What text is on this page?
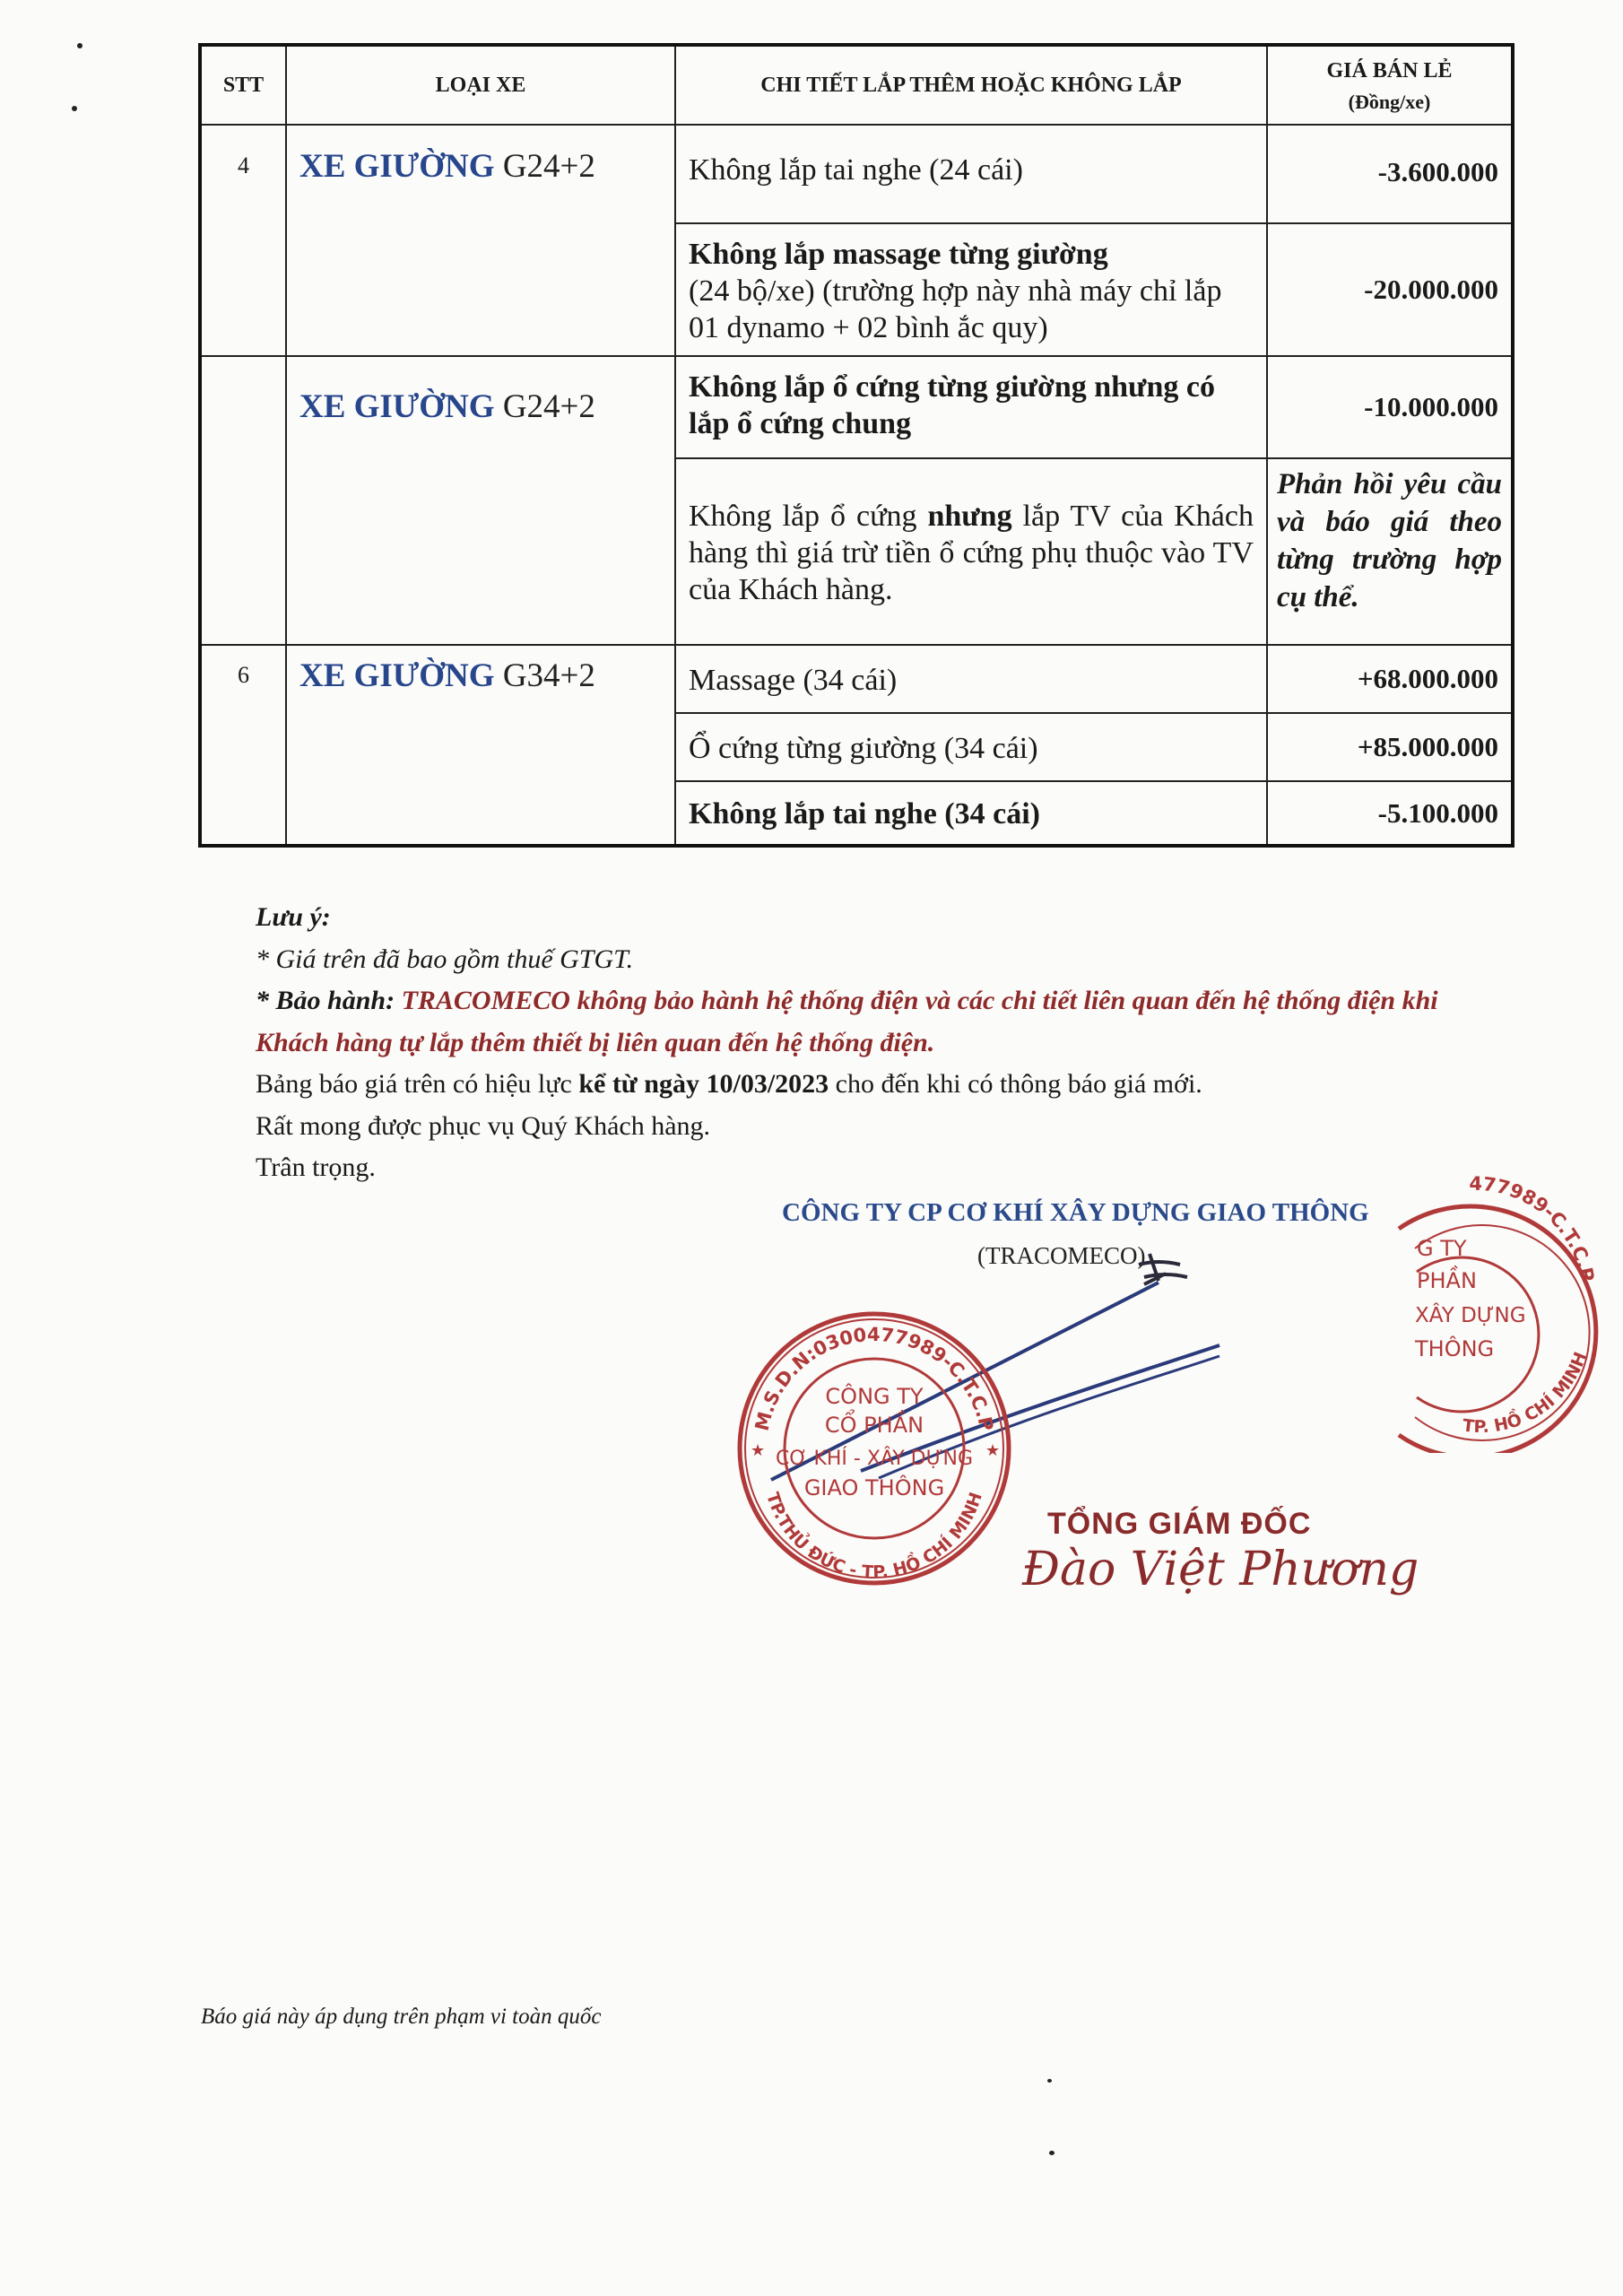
STT	LOẠI XE	CHI TIẾT LẮP THÊM HOẶC KHÔNG LẮP	GIÁ BÁN LẺ
(Đồng/xe)

4	XE GIƯỜNG G24+2	Không lắp tai nghe (24 cái)	-3.600.000
		Không lắp massage từng giường
(24 bộ/xe) (trường hợp này nhà máy chỉ lắp 01 dynamo + 02 bình ắc quy)	-20.000.000
	XE GIƯỜNG G24+2	Không lắp ổ cứng từng giường nhưng có lắp ổ cứng chung	-10.000.000
		Không lắp ổ cứng nhưng lắp TV của Khách hàng thì giá trừ tiền ổ cứng phụ thuộc vào TV của Khách hàng.	Phản hồi yêu cầu và báo giá theo từng trường hợp cụ thể.
6	XE GIƯỜNG G34+2	Massage (34 cái)	+68.000.000
		Ổ cứng từng giường (34 cái)	+85.000.000
		Không lắp tai nghe (34 cái)	-5.100.000

Lưu ý:

* Giá trên đã bao gồm thuế GTGT.

* Bảo hành: TRACOMECO không bảo hành hệ thống điện và các chi tiết liên quan đến hệ thống điện khi Khách hàng tự lắp thêm thiết bị liên quan đến hệ thống điện.

Bảng báo giá trên có hiệu lực kể từ ngày 10/03/2023 cho đến khi có thông báo giá mới.

Rất mong được phục vụ Quý Khách hàng.

Trân trọng.

CÔNG TY CP CƠ KHÍ XÂY DỰNG GIAO THÔNG
(TRACOMECO)
M.S.D.N:0300477989-C.T.C.P
TP.THỦ ĐỨC - TP. HỒ CHÍ MINH
CÔNG TY
CỔ PHẦN
CƠ KHÍ - XÂY DỰNG
GIAO THÔNG
★	★
477989-C.T.C.P
TP. HỒ CHÍ MINH
G TY
PHẦN
XÂY DỰNG
THÔNG
TỔNG GIÁM ĐỐC
Đào Việt Phương
Báo giá này áp dụng trên phạm vi toàn quốc
